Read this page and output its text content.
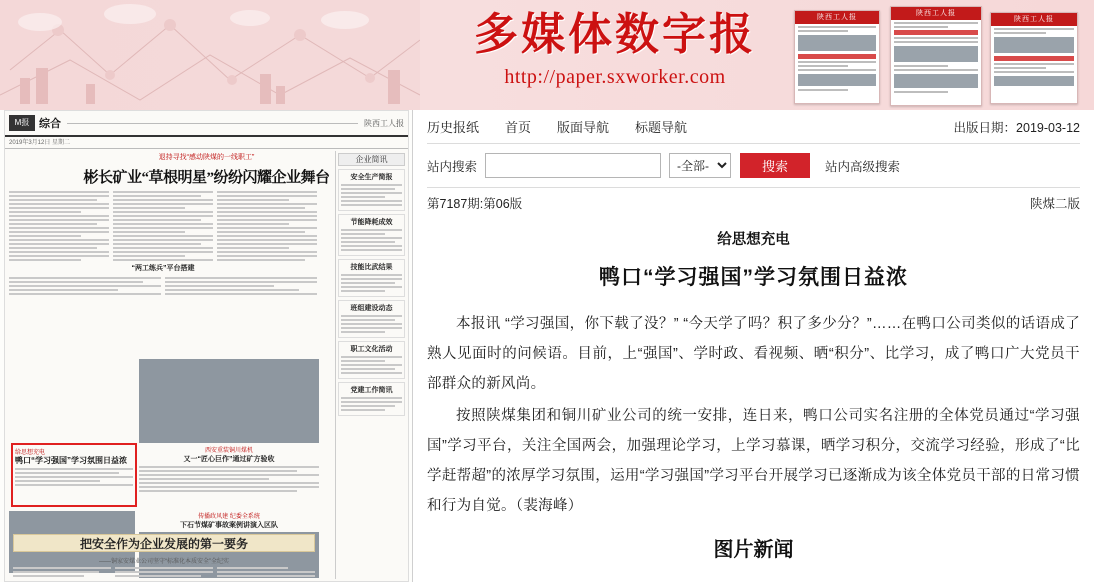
多媒体数字报
http://paper.sxworker.com
陕西工人报
陕西工人报
陕西工人报
M报 综合	陕西工人报
2019年3月12日 星期二
退持寻找“感动陕煤的一线职工”
彬长矿业“草根明星”纷纷闪耀企业舞台
“两工练兵”平台搭建
西安重装铜川煤机
又一“匠心巨作”通过矿方验收
给思想充电
鸭口“学习强国”学习氛围日益浓
传播政风建 纪委全系统
下石节煤矿事故案例讲演入区队
把安全作为企业发展的第一要务
——铜家安煤业公司坚守“标准化本质安全”全纪实
企业简讯
安全生产简报
节能降耗成效
技能比武结果
班组建设动态
职工文化活动
党建工作简讯
历史报纸 首页 版面导航 标题导航	出版日期：2019-03-12
站内搜索
-全部-	搜索	站内高级搜索
第7187期:第06版	陕煤二版
给思想充电
鸭口“学习强国”学习氛围日益浓

本报讯 “学习强国，你下载了没？” “今天学了吗？积了多少分？”……在鸭口公司类似的话语成了熟人见面时的问候语。目前，上“强国”、学时政、看视频、晒“积分”、比学习，成了鸭口广大党员干部群众的新风尚。

按照陕煤集团和铜川矿业公司的统一安排，连日来，鸭口公司实名注册的全体党员通过“学习强国”学习平台，关注全国两会，加强理论学习，上学习慕课，晒学习积分，交流学习经验，形成了“比学赶帮超”的浓厚学习氛围，运用“学习强国”学习平台开展学习已逐渐成为该全体党员干部的日常习惯和行为自觉。（裴海峰）

图片新闻
